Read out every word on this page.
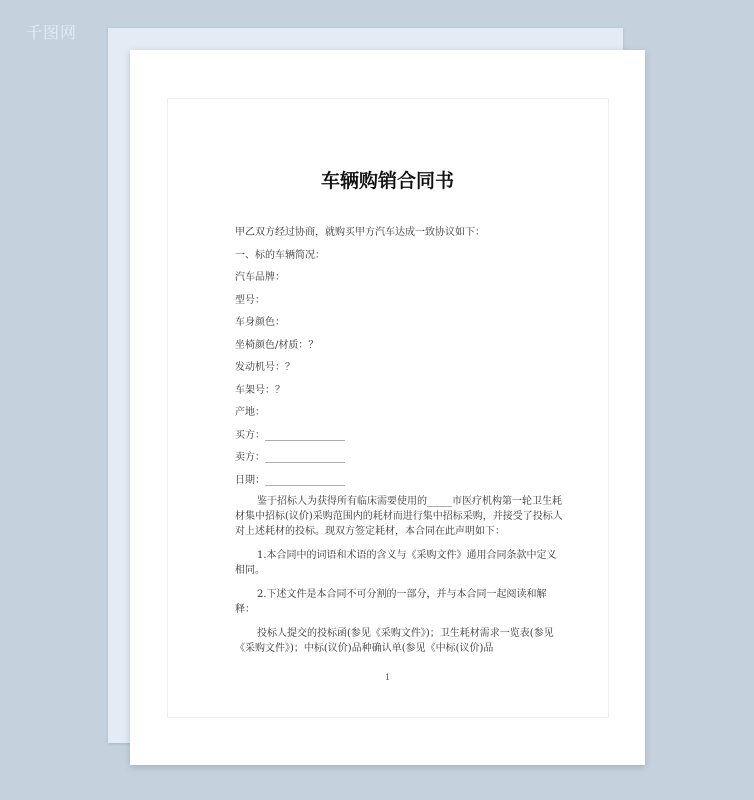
千图网
车辆购销合同书
甲乙双方经过协商，就购买甲方汽车达成一致协议如下：
一、标的车辆简况：
汽车品牌：
型号：
车身颜色：
坐椅颜色/材质：？
发动机号：？
车架号：？
产地：
买方：________________
卖方：________________
日期：________________

鉴于招标人为获得所有临床需要使用的_____市医疗机构第一轮卫生耗材集中招标(议价)采购范围内的耗材而进行集中招标采购，并接受了投标人对上述耗材的投标。现双方签定耗材，本合同在此声明如下：

1.本合同中的词语和术语的含义与《采购文件》通用合同条款中定义相同。

2.下述文件是本合同不可分割的一部分，并与本合同一起阅读和解释：

投标人提交的投标函(参见《采购文件》)；卫生耗材需求一览表(参见《采购文件》)；中标(议价)品种确认单(参见《中标(议价)品

1
